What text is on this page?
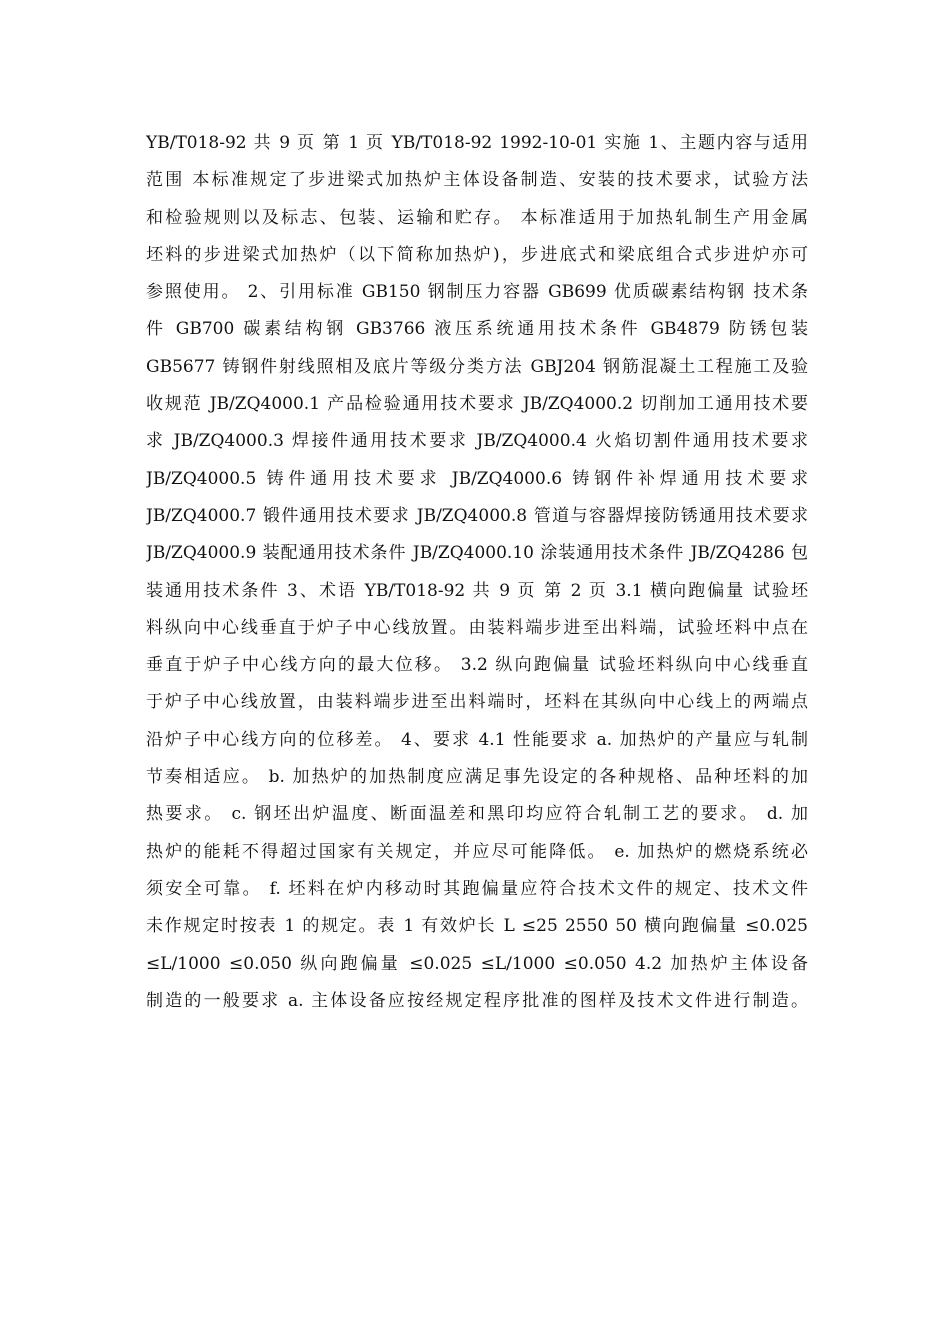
YB/T018-92 共 9 页 第 1 页 YB/T018-92 1992-10-01 实施 1、主题内容与适用
范围 本标准规定了步进梁式加热炉主体设备制造、安装的技术要求，试验方法
和检验规则以及标志、包装、运输和贮存。 本标准适用于加热轧制生产用金属
坯料的步进梁式加热炉（以下简称加热炉)，步进底式和梁底组合式步进炉亦可
参照使用。 2、引用标准 GB150 钢制压力容器 GB699 优质碳素结构钢 技术条
件 GB700 碳素结构钢 GB3766 液压系统通用技术条件 GB4879 防锈包装
GB5677 铸钢件射线照相及底片等级分类方法 GBJ204 钢筋混凝土工程施工及验
收规范 JB/ZQ4000.1 产品检验通用技术要求 JB/ZQ4000.2 切削加工通用技术要
求 JB/ZQ4000.3 焊接件通用技术要求 JB/ZQ4000.4 火焰切割件通用技术要求
JB/ZQ4000.5 铸件通用技术要求 JB/ZQ4000.6 铸钢件补焊通用技术要求
JB/ZQ4000.7 锻件通用技术要求 JB/ZQ4000.8 管道与容器焊接防锈通用技术要求
JB/ZQ4000.9 装配通用技术条件 JB/ZQ4000.10 涂装通用技术条件 JB/ZQ4286 包
装通用技术条件 3、术语 YB/T018-92 共 9 页 第 2 页 3.1 横向跑偏量 试验坯
料纵向中心线垂直于炉子中心线放置。由装料端步进至出料端，试验坯料中点在
垂直于炉子中心线方向的最大位移。 3.2 纵向跑偏量 试验坯料纵向中心线垂直
于炉子中心线放置，由装料端步进至出料端时，坯料在其纵向中心线上的两端点
沿炉子中心线方向的位移差。 4、要求 4.1 性能要求 a. 加热炉的产量应与轧制
节奏相适应。 b. 加热炉的加热制度应满足事先设定的各种规格、品种坯料的加
热要求。 c. 钢坯出炉温度、断面温差和黑印均应符合轧制工艺的要求。 d. 加
热炉的能耗不得超过国家有关规定，并应尽可能降低。 e. 加热炉的燃烧系统必
须安全可靠。 f. 坯料在炉内移动时其跑偏量应符合技术文件的规定、技术文件
未作规定时按表 1 的规定。表 1 有效炉长 L ≤25 2550 50 横向跑偏量 ≤0.025
≤L/1000 ≤0.050 纵向跑偏量 ≤0.025 ≤L/1000 ≤0.050 4.2 加热炉主体设备
制造的一般要求 a. 主体设备应按经规定程序批准的图样及技术文件进行制造。
